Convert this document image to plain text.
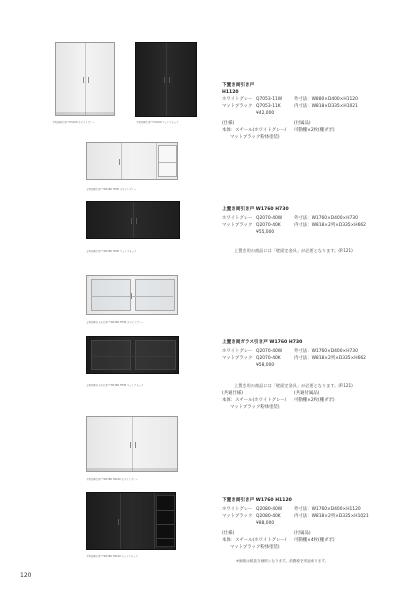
下置き両引き戸 H1120 ホワイトグレー	下置き両引き戸 H1120 マットブラック
下置き両引き戸
H1120
ホワイトグレー Q7053-11W	外寸法：W880×D400×H1120
マットブラック Q7053-11K	内寸法：W818×D335×H1021
¥42,000
(仕様)	(付属品)
本体：スチール(ホワイトグレー/ 可動棚×2枚(棚ダボ)
マットブラック粉体塗装)
上置き両引き戸 W1760 H730 ホワイトグレー
上置き両引き戸 W1760 H730 マットブラック
上置き両引き戸 W1760 H730
ホワイトグレー Q2070-40W	外寸法：W1760×D400×H730
マットブラック Q2070-40K	内寸法：W818×2列×D335×H662
¥55,000
上置き用の商品には「壁面定金具」が必要となります。(P.121)
上置き両ガラス引き戸 W1760 H730 ホワイトグレー
上置き両ガラス引き戸 W1760 H730 マットブラック
上置き両ガラス引き戸 W1760 H730
ホワイトグレー Q2070-40W	外寸法：W1760×D400×H730
マットブラック Q2070-40K	内寸法：W818×2列×D335×H662
¥58,000
上置き用の商品には「壁面定金具」が必要となります。(P.121)
(共通仕様)	(共通付属品)
本体：スチール(ホワイトグレー/ 可動棚×2枚(棚ダボ)
マットブラック粉体塗装)
下置き両引き戸 W1760 H1120 ホワイトグレー
下置き両引き戸 W1760 H1120 マットブラック
下置き両引き戸 W1760 H1120
ホワイトグレー Q2080-40W	外寸法：W1760×D400×H1120
マットブラック Q2080-40K	内寸法：W818×2列×D335×H1021
¥88,000
(仕様)	(付属品)
本体：スチール(ホワイトグレー/ 可動棚×4枚(棚ダボ)
マットブラック粉体塗装)
※価格は税抜き価格となります。消費税を別途承ります。
120
